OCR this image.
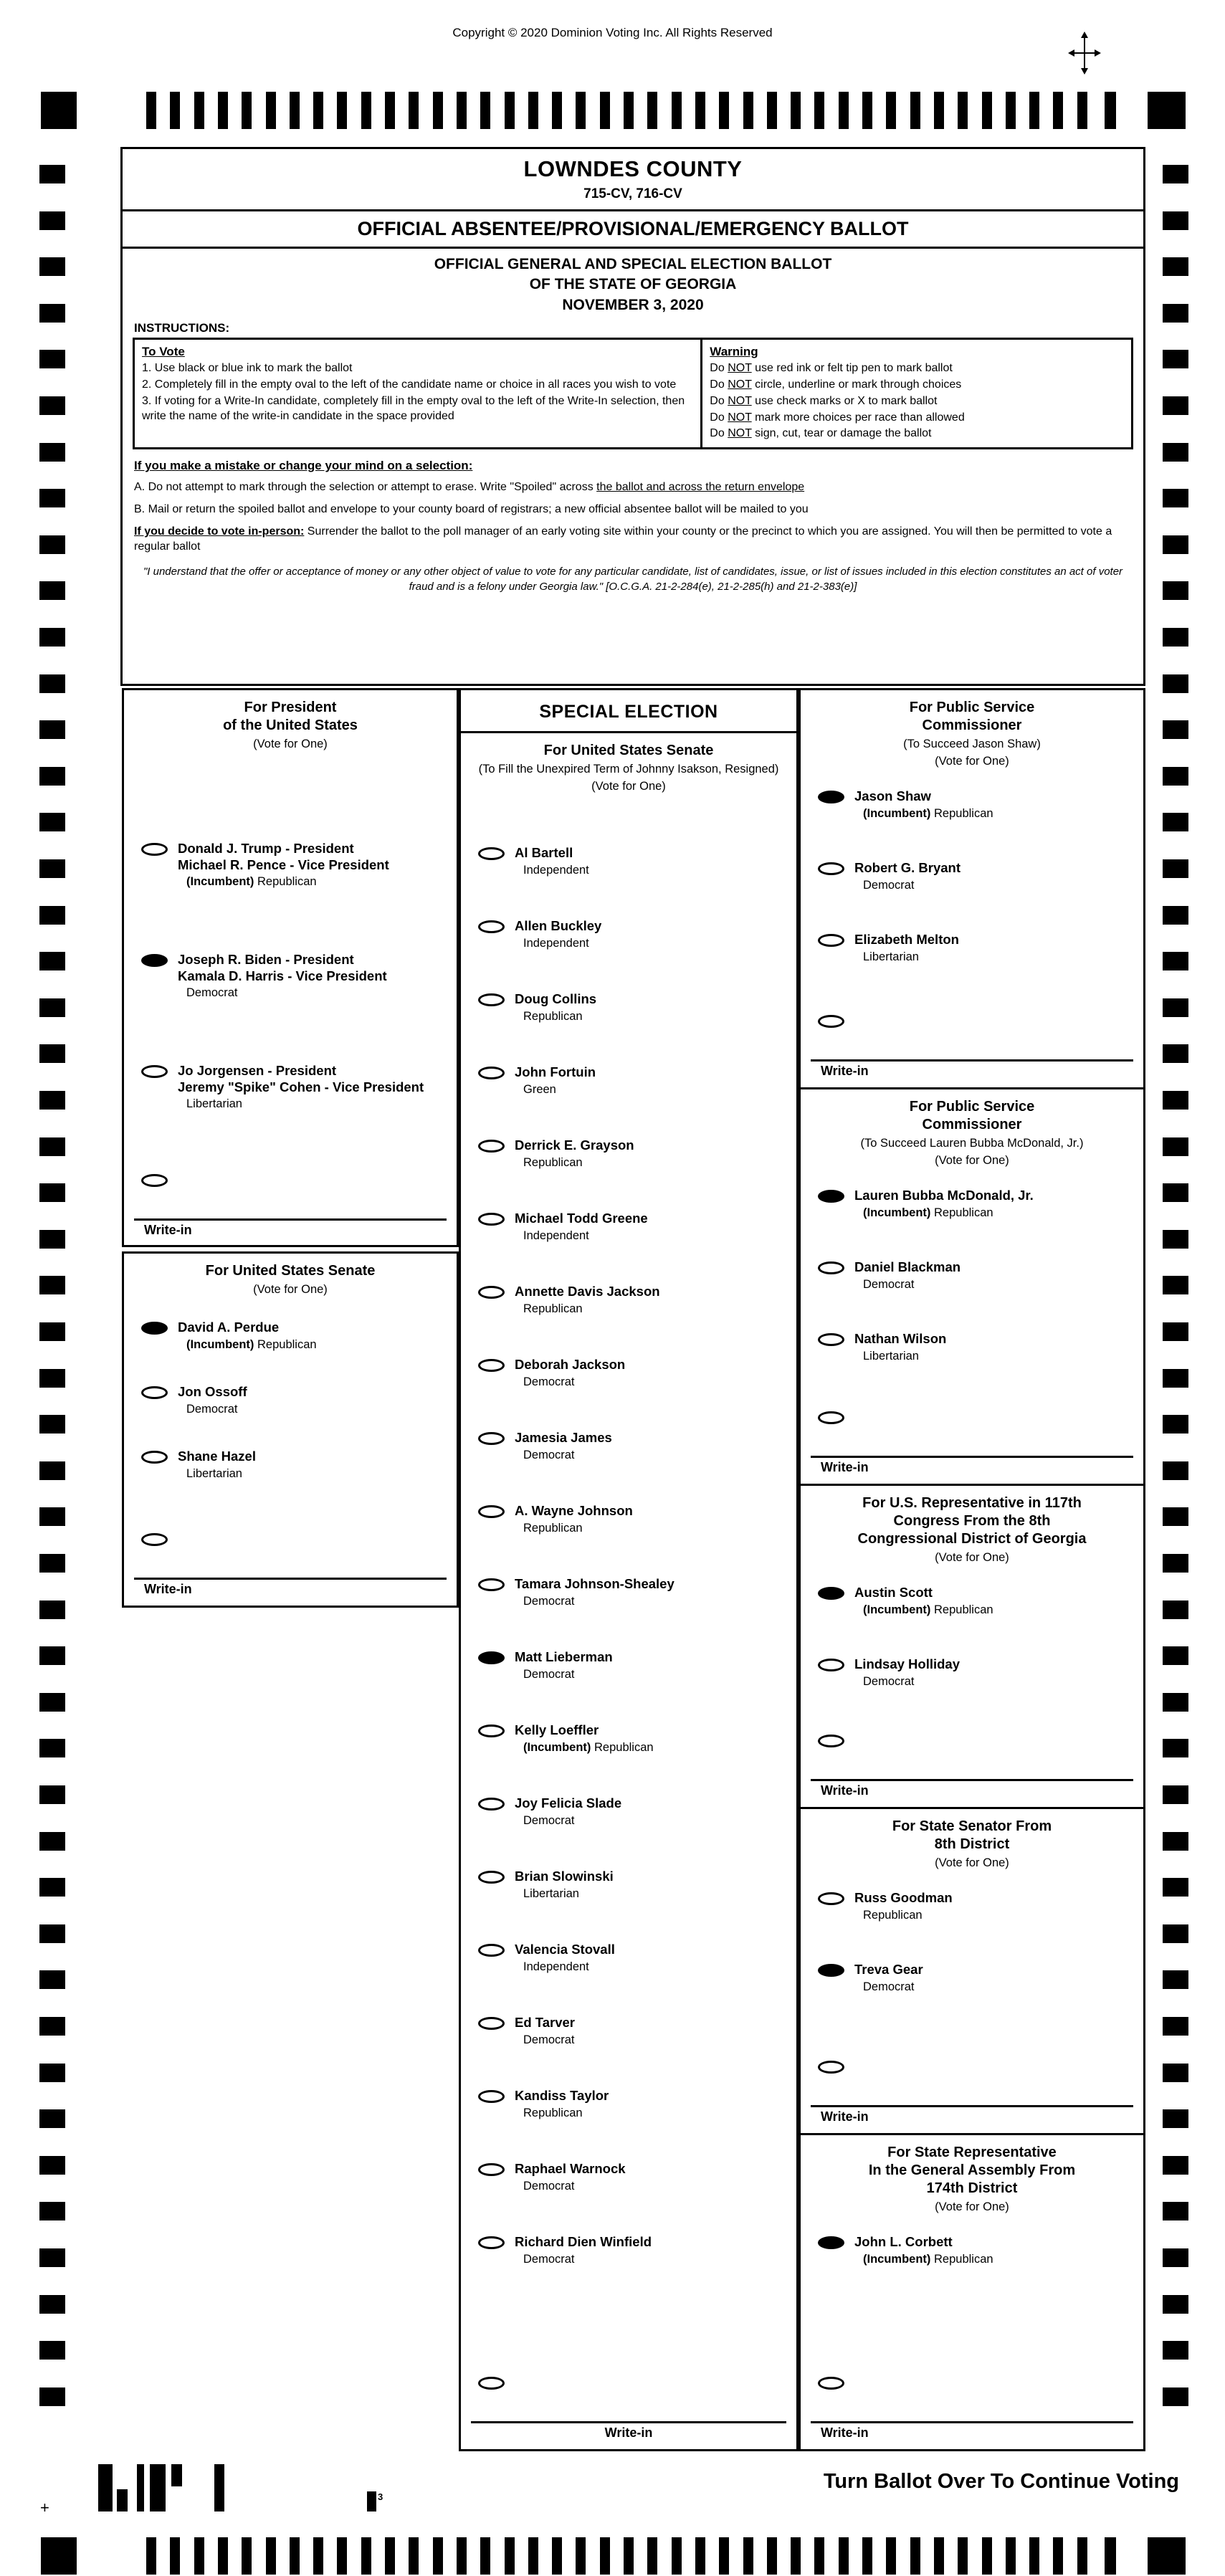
Copyright © 2020 Dominion Voting Inc. All Rights Reserved
LOWNDES COUNTY
715-CV, 716-CV
OFFICIAL ABSENTEE/PROVISIONAL/EMERGENCY BALLOT
OFFICIAL GENERAL AND SPECIAL ELECTION BALLOT
OF THE STATE OF GEORGIA
NOVEMBER 3, 2020
INSTRUCTIONS:
To Vote
1. Use black or blue ink to mark the ballot
2. Completely fill in the empty oval to the left of the candidate name or choice in all races you wish to vote
3. If voting for a Write-In candidate, completely fill in the empty oval to the left of the Write-In selection, then write the name of the write-in candidate in the space provided
Warning
Do NOT use red ink or felt tip pen to mark ballot
Do NOT circle, underline or mark through choices
Do NOT use check marks or X to mark ballot
Do NOT mark more choices per race than allowed
Do NOT sign, cut, tear or damage the ballot
If you make a mistake or change your mind on a selection:
A. Do not attempt to mark through the selection or attempt to erase. Write "Spoiled" across the ballot and across the return envelope
B. Mail or return the spoiled ballot and envelope to your county board of registrars; a new official absentee ballot will be mailed to you
If you decide to vote in-person: Surrender the ballot to the poll manager of an early voting site within your county or the precinct to which you are assigned. You will then be permitted to vote a regular ballot
"I understand that the offer or acceptance of money or any other object of value to vote for any particular candidate, list of candidates, issue, or list of issues included in this election constitutes an act of voter fraud and is a felony under Georgia law." [O.C.G.A. 21-2-284(e), 21-2-285(h) and 21-2-383(e)]
For President
of the United States
(Vote for One)
Donald J. Trump - President
Michael R. Pence - Vice President
(Incumbent) Republican
Joseph R. Biden - President
Kamala D. Harris - Vice President
Democrat
Jo Jorgensen - President
Jeremy "Spike" Cohen - Vice President
Libertarian
Write-in
For United States Senate
(Vote for One)
David A. Perdue
(Incumbent) Republican
Jon Ossoff
Democrat
Shane Hazel
Libertarian
Write-in
SPECIAL ELECTION
For United States Senate
(To Fill the Unexpired Term of Johnny Isakson, Resigned)
(Vote for One)
Al Bartell
Independent
Allen Buckley
Independent
Doug Collins
Republican
John Fortuin
Green
Derrick E. Grayson
Republican
Michael Todd Greene
Independent
Annette Davis Jackson
Republican
Deborah Jackson
Democrat
Jamesia James
Democrat
A. Wayne Johnson
Republican
Tamara Johnson-Shealey
Democrat
Matt Lieberman
Democrat
Kelly Loeffler
(Incumbent) Republican
Joy Felicia Slade
Democrat
Brian Slowinski
Libertarian
Valencia Stovall
Independent
Ed Tarver
Democrat
Kandiss Taylor
Republican
Raphael Warnock
Democrat
Richard Dien Winfield
Democrat
Write-in
For Public Service
Commissioner
(To Succeed Jason Shaw)
(Vote for One)
Jason Shaw
(Incumbent) Republican
Robert G. Bryant
Democrat
Elizabeth Melton
Libertarian
Write-in
For Public Service
Commissioner
(To Succeed Lauren Bubba McDonald, Jr.)
(Vote for One)
Lauren Bubba McDonald, Jr.
(Incumbent) Republican
Daniel Blackman
Democrat
Nathan Wilson
Libertarian
Write-in
For U.S. Representative in 117th
Congress From the 8th
Congressional District of Georgia
(Vote for One)
Austin Scott
(Incumbent) Republican
Lindsay Holliday
Democrat
Write-in
For State Senator From
8th District
(Vote for One)
Russ Goodman
Republican
Treva Gear
Democrat
Write-in
For State Representative
In the General Assembly From
174th District
(Vote for One)
John L. Corbett
(Incumbent) Republican
Write-in
Turn Ballot Over To Continue Voting
+
3
